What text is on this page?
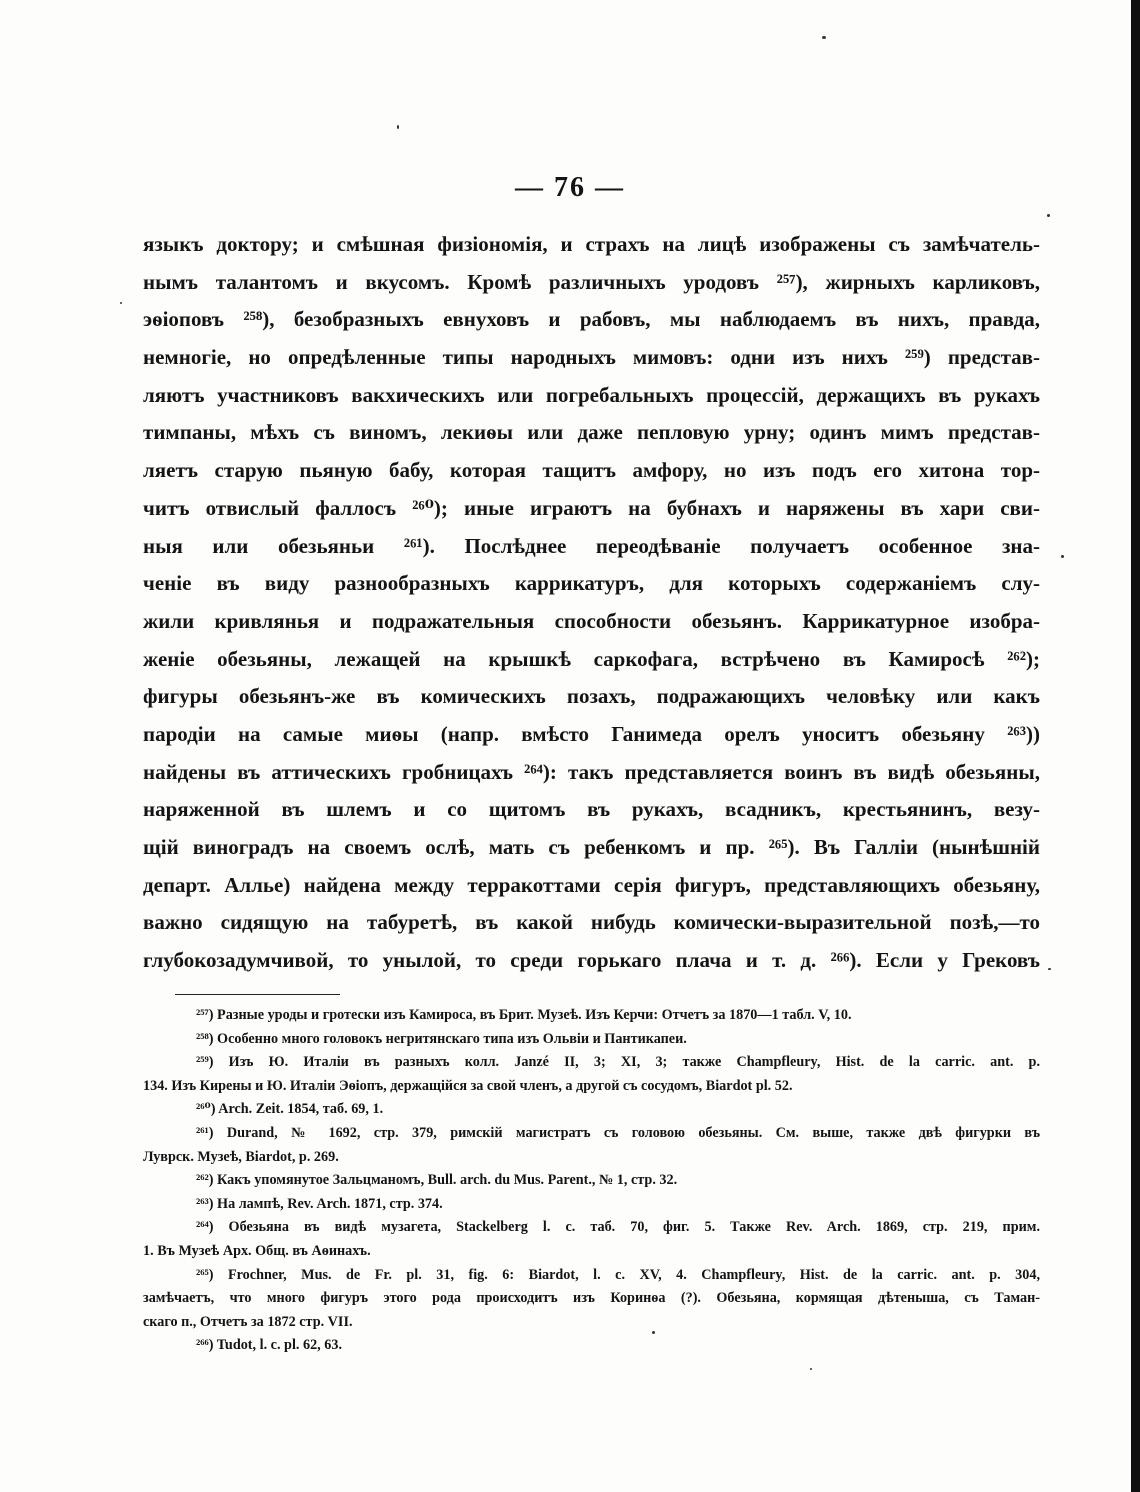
— 76 —
языкъ доктору; и смѣшная физіономія, и страхъ на лицѣ изображены съ замѣчатель-
нымъ талантомъ и вкусомъ. Кромѣ различныхъ уродовъ ²⁵⁷), жирныхъ карликовъ,
эѳіоповъ ²⁵⁸), безобразныхъ евнуховъ и рабовъ, мы наблюдаемъ въ нихъ, правда,
немногіе, но опредѣленные типы народныхъ мимовъ: одни изъ нихъ ²⁵⁹) представ-
ляютъ участниковъ вакхическихъ или погребальныхъ процессій, держащихъ въ рукахъ
тимпаны, мѣхъ съ виномъ, лекиѳы или даже пепловую урну; одинъ мимъ представ-
ляетъ старую пьяную бабу, которая тащитъ амфору, но изъ подъ его хитона тор-
читъ отвислый фаллосъ ²⁶⁰); иные играютъ на бубнахъ и наряжены въ хари сви-
ныя или обезьяньи ²⁶¹). Послѣднее переодѣваніе получаетъ особенное зна-
ченіе въ виду разнообразныхъ каррикатуръ, для которыхъ содержаніемъ слу-
жили кривлянья и подражательныя способности обезьянъ. Каррикатурное изобра-
женіе обезьяны, лежащей на крышкѣ саркофага, встрѣчено въ Камиросѣ ²⁶²);
фигуры обезьянъ-же въ комическихъ позахъ, подражающихъ человѣку или какъ
пародіи на самые миѳы (напр. вмѣсто Ганимеда орелъ уноситъ обезьяну ²⁶³))
найдены въ аттическихъ гробницахъ ²⁶⁴): такъ представляется воинъ въ видѣ обезьяны,
наряженной въ шлемъ и со щитомъ въ рукахъ, всадникъ, крестьянинъ, везу-
щій виноградъ на своемъ ослѣ, мать съ ребенкомъ и пр. ²⁶⁵). Въ Галліи (нынѣшній
департ. Аллье) найдена между терракоттами серія фигуръ, представляющихъ обезьяну,
важно сидящую на табуретѣ, въ какой нибудь комически-выразительной позѣ,—то
глубокозадумчивой, то унылой, то среди горькаго плача и т. д. ²⁶⁶). Если у Грековъ
²⁵⁷) Разные уроды и гротески изъ Камироса, въ Брит. Музеѣ. Изъ Керчи: Отчетъ за 1870—1 табл. V, 10.
²⁵⁸) Особенно много головокъ негритянскаго типа изъ Ольвіи и Пантикапеи.
²⁵⁹) Изъ Ю. Италіи въ разныхъ колл. Janzé II, 3; XI, 3; также Champfleury, Hist. de la carric. ant. p.
134. Изъ Кирены и Ю. Италіи Эѳіопъ, держащійся за свой членъ, а другой съ сосудомъ, Biardot pl. 52.
²⁶⁰) Arch. Zeit. 1854, таб. 69, 1.
²⁶¹) Durand, № 1692, стр. 379, римскій магистратъ съ головою обезьяны. См. выше, также двѣ фигурки въ
Луврск. Музеѣ, Biardot, p. 269.
²⁶²) Какъ упомянутое Зальцманомъ, Bull. arch. du Mus. Parent., № 1, стр. 32.
²⁶³) На лампѣ, Rev. Arch. 1871, стр. 374.
²⁶⁴) Обезьяна въ видѣ музагета, Stackelberg l. c. таб. 70, фиг. 5. Также Rev. Arch. 1869, стр. 219, прим.
1. Въ Музеѣ Арх. Общ. въ Аѳинахъ.
²⁶⁵) Frochner, Mus. de Fr. pl. 31, fig. 6: Biardot, l. c. XV, 4. Champfleury, Hist. de la carric. ant. p. 304,
замѣчаетъ, что много фигуръ этого рода происходитъ изъ Коринѳа (?). Обезьяна, кормящая дѣтеныша, съ Таман-
скаго п., Отчетъ за 1872 стр. VII.
²⁶⁶) Tudot, l. c. pl. 62, 63.
